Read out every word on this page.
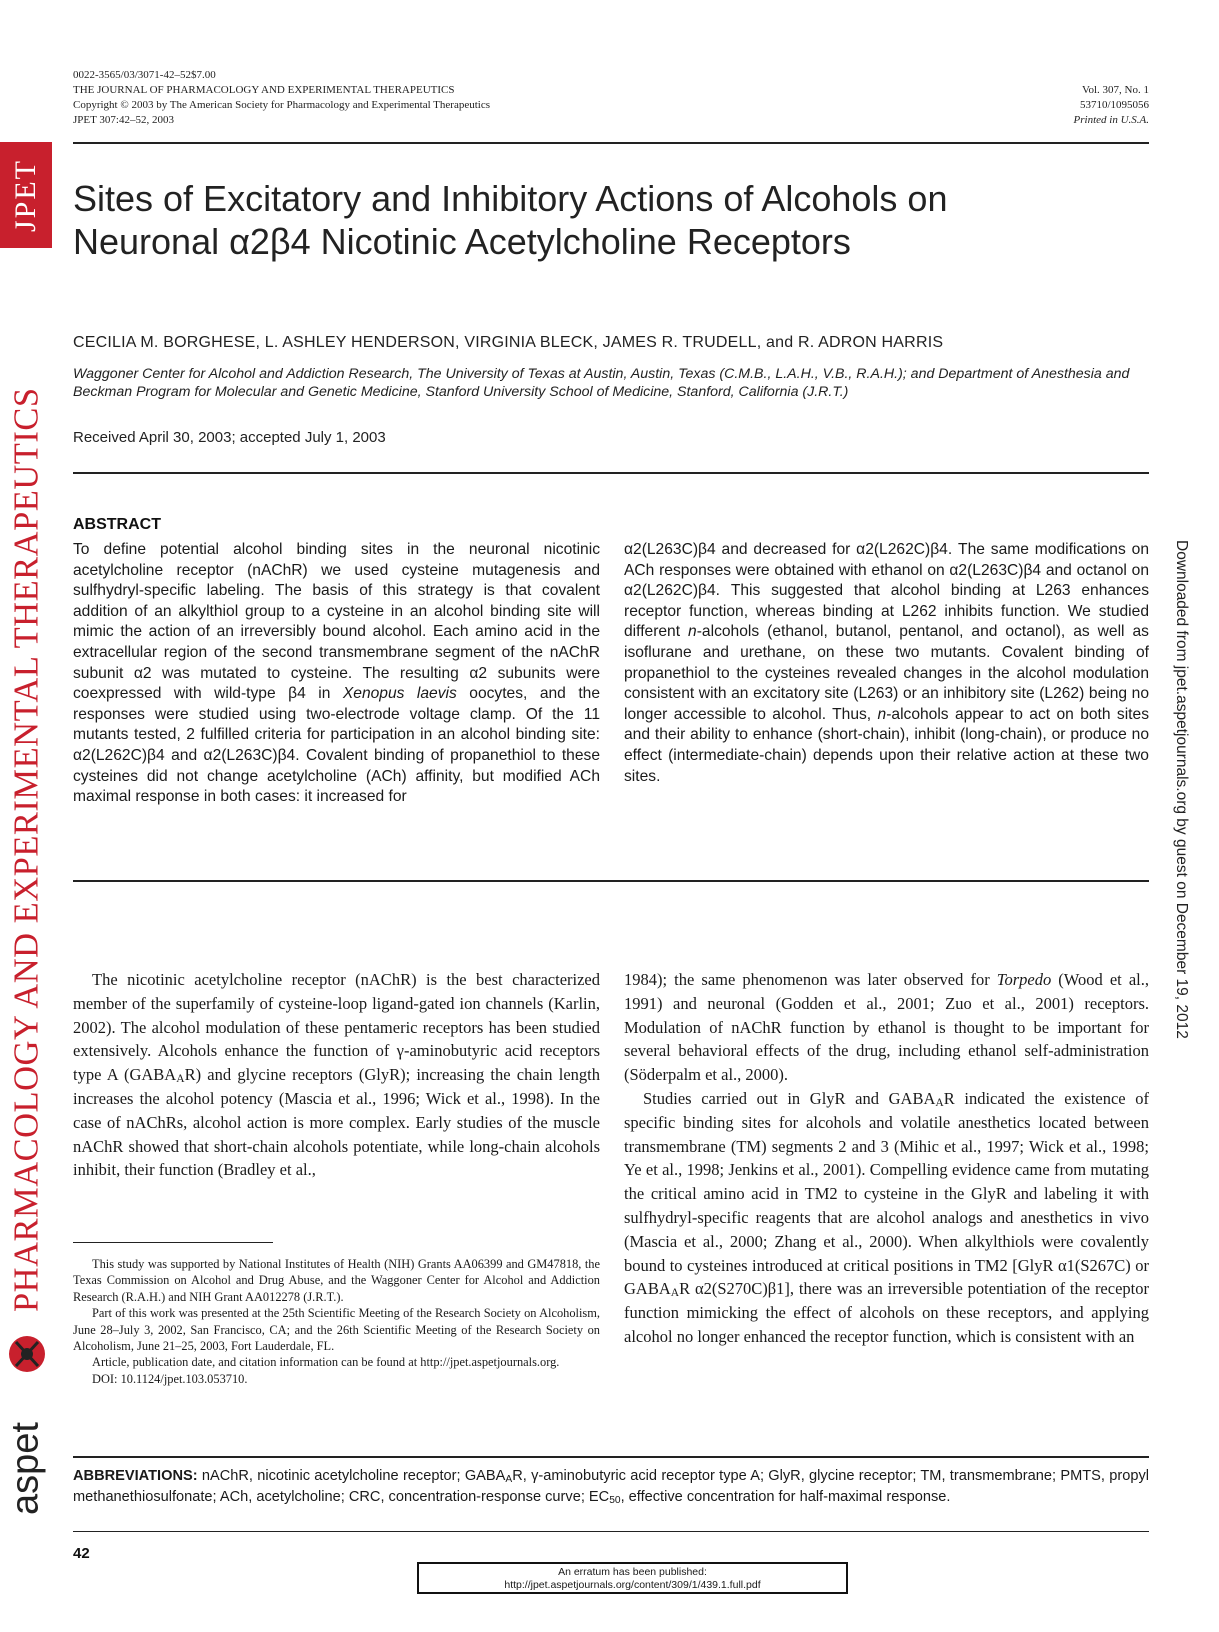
0022-3565/03/3071-42–52$7.00
THE JOURNAL OF PHARMACOLOGY AND EXPERIMENTAL THERAPEUTICS
Copyright © 2003 by The American Society for Pharmacology and Experimental Therapeutics
JPET 307:42–52, 2003
Vol. 307, No. 1
53710/1095056
Printed in U.S.A.
Sites of Excitatory and Inhibitory Actions of Alcohols on
Neuronal α2β4 Nicotinic Acetylcholine Receptors
CECILIA M. BORGHESE, L. ASHLEY HENDERSON, VIRGINIA BLECK, JAMES R. TRUDELL, and R. ADRON HARRIS
Waggoner Center for Alcohol and Addiction Research, The University of Texas at Austin, Austin, Texas (C.M.B., L.A.H., V.B., R.A.H.); and Department of Anesthesia and Beckman Program for Molecular and Genetic Medicine, Stanford University School of Medicine, Stanford, California (J.R.T.)
Received April 30, 2003; accepted July 1, 2003
ABSTRACT
To define potential alcohol binding sites in the neuronal nicotinic acetylcholine receptor (nAChR) we used cysteine mutagenesis and sulfhydryl-specific labeling. The basis of this strategy is that covalent addition of an alkylthiol group to a cysteine in an alcohol binding site will mimic the action of an irreversibly bound alcohol. Each amino acid in the extracellular region of the second transmembrane segment of the nAChR subunit α2 was mutated to cysteine. The resulting α2 subunits were coexpressed with wild-type β4 in Xenopus laevis oocytes, and the responses were studied using two-electrode voltage clamp. Of the 11 mutants tested, 2 fulfilled criteria for participation in an alcohol binding site: α2(L262C)β4 and α2(L263C)β4. Covalent binding of propanethiol to these cysteines did not change acetylcholine (ACh) affinity, but modified ACh maximal response in both cases: it increased for
α2(L263C)β4 and decreased for α2(L262C)β4. The same modifications on ACh responses were obtained with ethanol on α2(L263C)β4 and octanol on α2(L262C)β4. This suggested that alcohol binding at L263 enhances receptor function, whereas binding at L262 inhibits function. We studied different n-alcohols (ethanol, butanol, pentanol, and octanol), as well as isoflurane and urethane, on these two mutants. Covalent binding of propanethiol to the cysteines revealed changes in the alcohol modulation consistent with an excitatory site (L263) or an inhibitory site (L262) being no longer accessible to alcohol. Thus, n-alcohols appear to act on both sites and their ability to enhance (short-chain), inhibit (long-chain), or produce no effect (intermediate-chain) depends upon their relative action at these two sites.

The nicotinic acetylcholine receptor (nAChR) is the best characterized member of the superfamily of cysteine-loop ligand-gated ion channels (Karlin, 2002). The alcohol modulation of these pentameric receptors has been studied extensively. Alcohols enhance the function of γ-aminobutyric acid receptors type A $(GABA_AR)$ and glycine receptors (GlyR); increasing the chain length increases the alcohol potency (Mascia et al., 1996; Wick et al., 1998). In the case of nAChRs, alcohol action is more complex. Early studies of the muscle nAChR showed that short-chain alcohols potentiate, while long-chain alcohols inhibit, their function (Bradley et al.,

1984); the same phenomenon was later observed for Torpedo (Wood et al., 1991) and neuronal (Godden et al., 2001; Zuo et al., 2001) receptors. Modulation of nAChR function by ethanol is thought to be important for several behavioral effects of the drug, including ethanol self-administration (Söderpalm et al., 2000).

Studies carried out in GlyR and $GABA_AR$ indicated the existence of specific binding sites for alcohols and volatile anesthetics located between transmembrane (TM) segments 2 and 3 (Mihic et al., 1997; Wick et al., 1998; Ye et al., 1998; Jenkins et al., 2001). Compelling evidence came from mutating the critical amino acid in TM2 to cysteine in the GlyR and labeling it with sulfhydryl-specific reagents that are alcohol analogs and anesthetics in vivo (Mascia et al., 2000; Zhang et al., 2000). When alkylthiols were covalently bound to cysteines introduced at critical positions in TM2 [GlyR α1(S267C) or $GABA_AR$ α2(S270C)β1], there was an irreversible potentiation of the receptor function mimicking the effect of alcohols on these receptors, and applying alcohol no longer enhanced the receptor function, which is consistent with an

This study was supported by National Institutes of Health (NIH) Grants AA06399 and GM47818, the Texas Commission on Alcohol and Drug Abuse, and the Waggoner Center for Alcohol and Addiction Research (R.A.H.) and NIH Grant AA012278 (J.R.T.).

Part of this work was presented at the 25th Scientific Meeting of the Research Society on Alcoholism, June 28–July 3, 2002, San Francisco, CA; and the 26th Scientific Meeting of the Research Society on Alcoholism, June 21–25, 2003, Fort Lauderdale, FL.

Article, publication date, and citation information can be found at http://jpet.aspetjournals.org.

DOI: 10.1124/jpet.103.053710.

ABBREVIATIONS: nAChR, nicotinic acetylcholine receptor; $GABA_AR$, γ-aminobutyric acid receptor type A; GlyR, glycine receptor; TM, transmembrane; PMTS, propyl methanethiosulfonate; ACh, acetylcholine; CRC, concentration-response curve; $EC_{50}$, effective concentration for half-maximal response.
42
An erratum has been published:
http://jpet.aspetjournals.org/content/309/1/439.1.full.pdf
JPET
PHARMACOLOGY AND EXPERIMENTAL THERAPEUTICS
aspet
Downloaded from jpet.aspetjournals.org by guest on December 19, 2012
